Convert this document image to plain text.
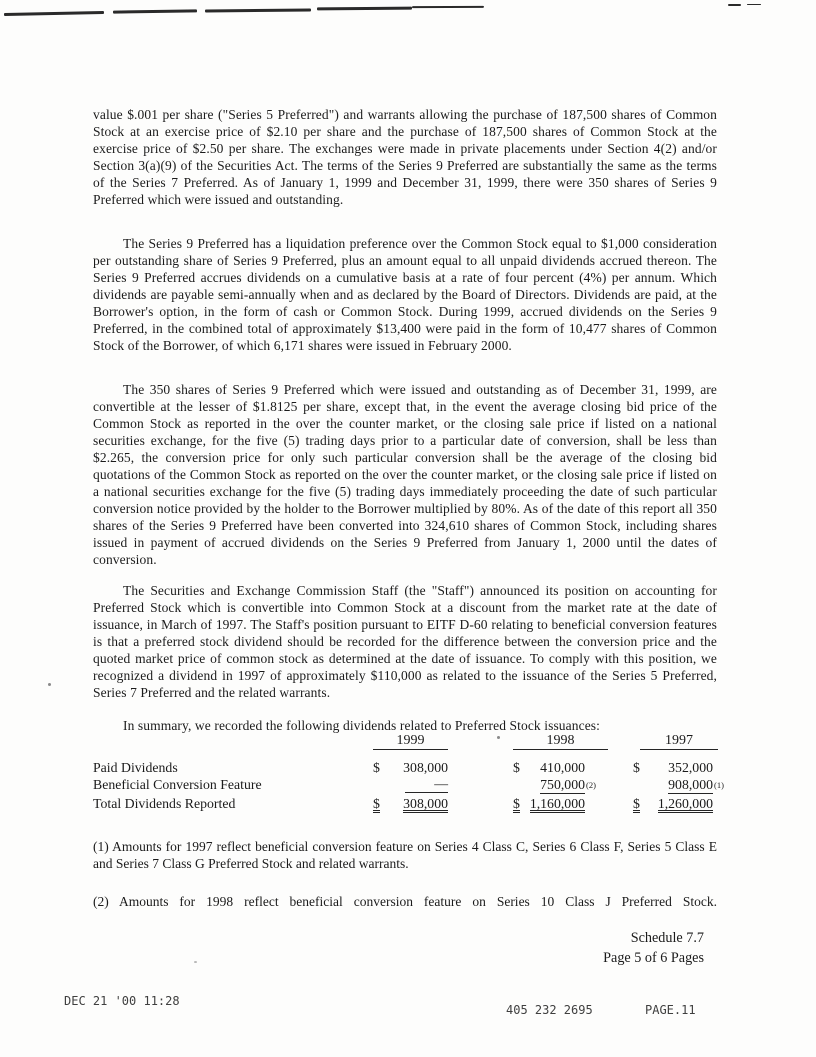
value $.001 per share ("Series 5 Preferred") and warrants allowing the purchase of 187,500 shares of Common Stock at an exercise price of $2.10 per share and the purchase of 187,500 shares of Common Stock at the exercise price of $2.50 per share. The exchanges were made in private placements under Section 4(2) and/or Section 3(a)(9) of the Securities Act. The terms of the Series 9 Preferred are substantially the same as the terms of the Series 7 Preferred. As of January 1, 1999 and December 31, 1999, there were 350 shares of Series 9 Preferred which were issued and outstanding.

The Series 9 Preferred has a liquidation preference over the Common Stock equal to $1,000 consideration per outstanding share of Series 9 Preferred, plus an amount equal to all unpaid dividends accrued thereon. The Series 9 Preferred accrues dividends on a cumulative basis at a rate of four percent (4%) per annum. Which dividends are payable semi-annually when and as declared by the Board of Directors. Dividends are paid, at the Borrower's option, in the form of cash or Common Stock. During 1999, accrued dividends on the Series 9 Preferred, in the combined total of approximately $13,400 were paid in the form of 10,477 shares of Common Stock of the Borrower, of which 6,171 shares were issued in February 2000.

The 350 shares of Series 9 Preferred which were issued and outstanding as of December 31, 1999, are convertible at the lesser of $1.8125 per share, except that, in the event the average closing bid price of the Common Stock as reported in the over the counter market, or the closing sale price if listed on a national securities exchange, for the five (5) trading days prior to a particular date of conversion, shall be less than $2.265, the conversion price for only such particular conversion shall be the average of the closing bid quotations of the Common Stock as reported on the over the counter market, or the closing sale price if listed on a national securities exchange for the five (5) trading days immediately proceeding the date of such particular conversion notice provided by the holder to the Borrower multiplied by 80%. As of the date of this report all 350 shares of the Series 9 Preferred have been converted into 324,610 shares of Common Stock, including shares issued in payment of accrued dividends on the Series 9 Preferred from January 1, 2000 until the dates of conversion.

The Securities and Exchange Commission Staff (the "Staff") announced its position on accounting for Preferred Stock which is convertible into Common Stock at a discount from the market rate at the date of issuance, in March of 1997. The Staff's position pursuant to EITF D-60 relating to beneficial conversion features is that a preferred stock dividend should be recorded for the difference between the conversion price and the quoted market price of common stock as determined at the date of issuance. To comply with this position, we recognized a dividend in 1997 of approximately $110,000 as related to the issuance of the Series 5 Preferred, Series 7 Preferred and the related warrants.

In summary, we recorded the following dividends related to Preferred Stock issuances:

1999	1998	1997
Paid Dividends	$ 308,000	$ 410,000	$ 352,000
Beneficial Conversion Feature	—	750,000 (2)	908,000 (1)
Total Dividends Reported	$ 308,000	$ 1,160,000	$ 1,260,000

(1) Amounts for 1997 reflect beneficial conversion feature on Series 4 Class C, Series 6 Class F, Series 5 Class E and Series 7 Class G Preferred Stock and related warrants.

(2) Amounts for 1998 reflect beneficial conversion feature on Series 10 Class J Preferred Stock.

Schedule 7.7
Page 5 of 6 Pages
DEC 21 '00 11:28
405 232 2695	PAGE.11
